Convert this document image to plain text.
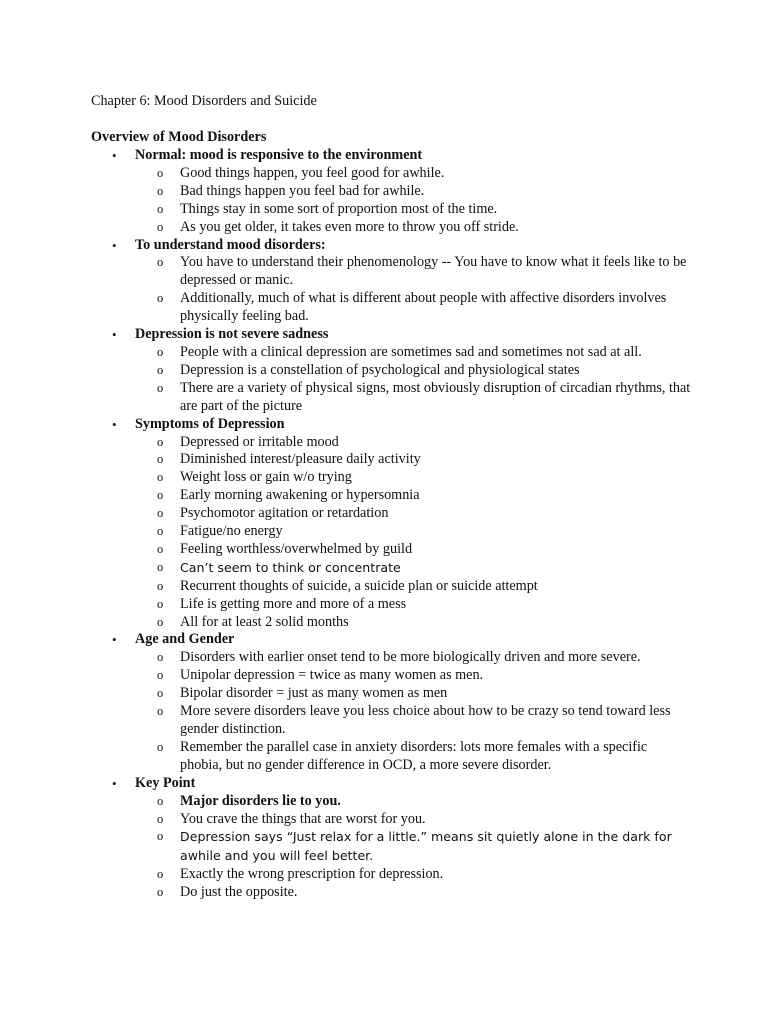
Chapter 6: Mood Disorders and Suicide
Overview of Mood Disorders
• Normal: mood is responsive to the environment
o Good things happen, you feel good for awhile.
o Bad things happen you feel bad for awhile.
o Things stay in some sort of proportion most of the time.
o As you get older, it takes even more to throw you off stride.
• To understand mood disorders:
o You have to understand their phenomenology -- You have to know what it feels like to be depressed or manic.
o Additionally, much of what is different about people with affective disorders involves physically feeling bad.
• Depression is not severe sadness
o People with a clinical depression are sometimes sad and sometimes not sad at all.
o Depression is a constellation of psychological and physiological states
o There are a variety of physical signs, most obviously disruption of circadian rhythms, that are part of the picture
• Symptoms of Depression
o Depressed or irritable mood
o Diminished interest/pleasure daily activity
o Weight loss or gain w/o trying
o Early morning awakening or hypersomnia
o Psychomotor agitation or retardation
o Fatigue/no energy
o Feeling worthless/overwhelmed by guild
o Can’t seem to think or concentrate
o Recurrent thoughts of suicide, a suicide plan or suicide attempt
o Life is getting more and more of a mess
o All for at least 2 solid months
• Age and Gender
o Disorders with earlier onset tend to be more biologically driven and more severe.
o Unipolar depression = twice as many women as men.
o Bipolar disorder = just as many women as men
o More severe disorders leave you less choice about how to be crazy so tend toward less gender distinction.
o Remember the parallel case in anxiety disorders: lots more females with a specific phobia, but no gender difference in OCD, a more severe disorder.
• Key Point
o Major disorders lie to you.
o You crave the things that are worst for you.
o Depression says “Just relax for a little.” means sit quietly alone in the dark for awhile and you will feel better.
o Exactly the wrong prescription for depression.
o Do just the opposite.
